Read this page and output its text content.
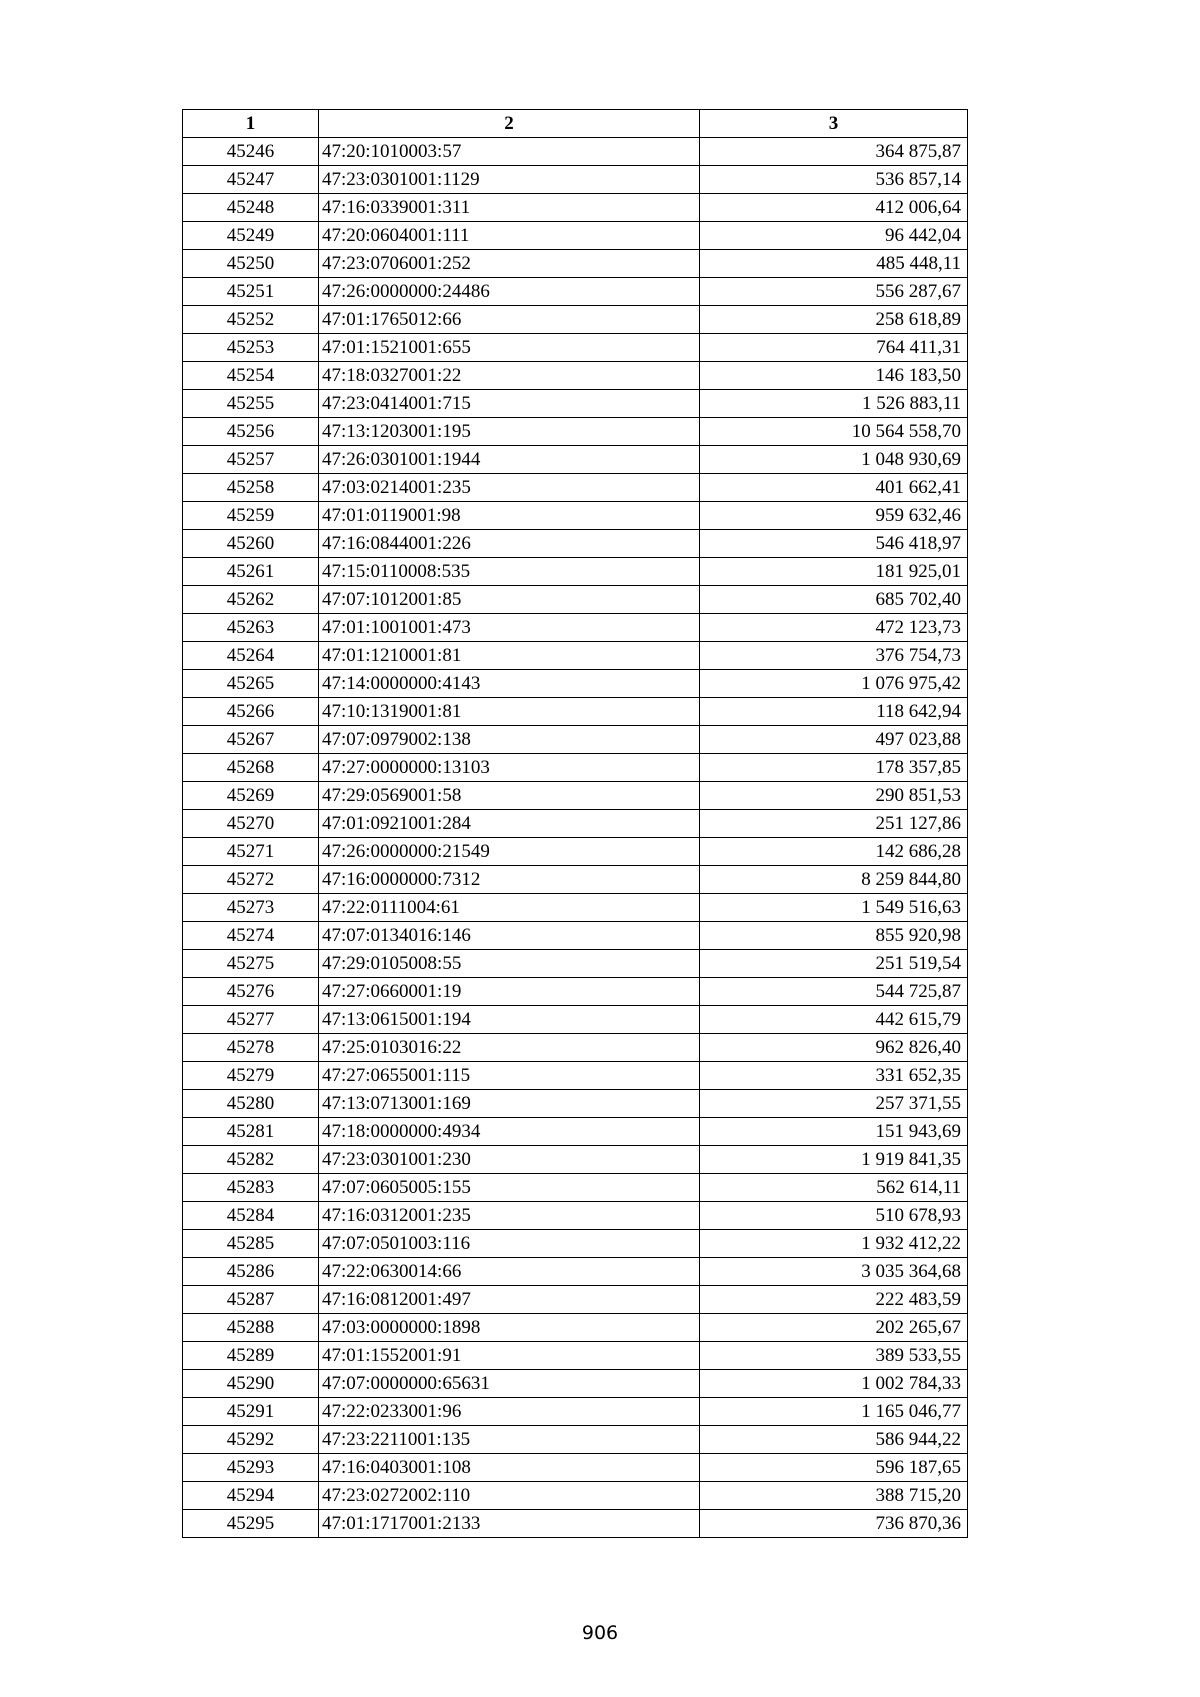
1	2	3
45246	47:20:1010003:57	364 875,87
45247	47:23:0301001:1129	536 857,14
45248	47:16:0339001:311	412 006,64
45249	47:20:0604001:111	96 442,04
45250	47:23:0706001:252	485 448,11
45251	47:26:0000000:24486	556 287,67
45252	47:01:1765012:66	258 618,89
45253	47:01:1521001:655	764 411,31
45254	47:18:0327001:22	146 183,50
45255	47:23:0414001:715	1 526 883,11
45256	47:13:1203001:195	10 564 558,70
45257	47:26:0301001:1944	1 048 930,69
45258	47:03:0214001:235	401 662,41
45259	47:01:0119001:98	959 632,46
45260	47:16:0844001:226	546 418,97
45261	47:15:0110008:535	181 925,01
45262	47:07:1012001:85	685 702,40
45263	47:01:1001001:473	472 123,73
45264	47:01:1210001:81	376 754,73
45265	47:14:0000000:4143	1 076 975,42
45266	47:10:1319001:81	118 642,94
45267	47:07:0979002:138	497 023,88
45268	47:27:0000000:13103	178 357,85
45269	47:29:0569001:58	290 851,53
45270	47:01:0921001:284	251 127,86
45271	47:26:0000000:21549	142 686,28
45272	47:16:0000000:7312	8 259 844,80
45273	47:22:0111004:61	1 549 516,63
45274	47:07:0134016:146	855 920,98
45275	47:29:0105008:55	251 519,54
45276	47:27:0660001:19	544 725,87
45277	47:13:0615001:194	442 615,79
45278	47:25:0103016:22	962 826,40
45279	47:27:0655001:115	331 652,35
45280	47:13:0713001:169	257 371,55
45281	47:18:0000000:4934	151 943,69
45282	47:23:0301001:230	1 919 841,35
45283	47:07:0605005:155	562 614,11
45284	47:16:0312001:235	510 678,93
45285	47:07:0501003:116	1 932 412,22
45286	47:22:0630014:66	3 035 364,68
45287	47:16:0812001:497	222 483,59
45288	47:03:0000000:1898	202 265,67
45289	47:01:1552001:91	389 533,55
45290	47:07:0000000:65631	1 002 784,33
45291	47:22:0233001:96	1 165 046,77
45292	47:23:2211001:135	586 944,22
45293	47:16:0403001:108	596 187,65
45294	47:23:0272002:110	388 715,20
45295	47:01:1717001:2133	736 870,36
906
